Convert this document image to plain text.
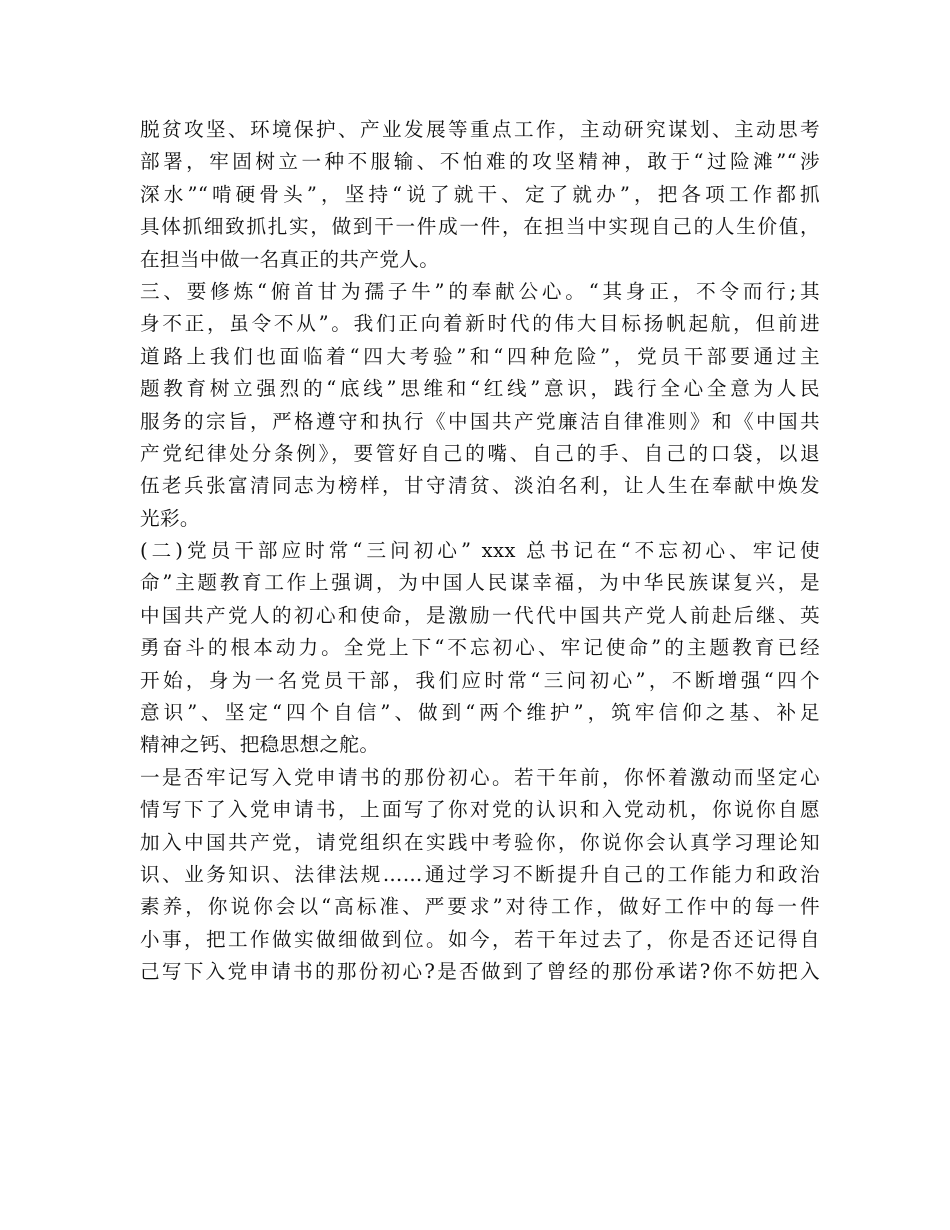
脱贫攻坚、环境保护、产业发展等重点工作，主动研究谋划、主动思考
部署，牢固树立一种不服输、不怕难的攻坚精神，敢于“过险滩”“涉
深水”“啃硬骨头”，坚持“说了就干、定了就办”，把各项工作都抓
具体抓细致抓扎实，做到干一件成一件，在担当中实现自己的人生价值，
在担当中做一名真正的共产党人。
三、要修炼“俯首甘为孺子牛”的奉献公心。“其身正，不令而行;其
身不正，虽令不从”。我们正向着新时代的伟大目标扬帆起航，但前进
道路上我们也面临着“四大考验”和“四种危险”，党员干部要通过主
题教育树立强烈的“底线”思维和“红线”意识，践行全心全意为人民
服务的宗旨，严格遵守和执行《中国共产党廉洁自律准则》和《中国共
产党纪律处分条例》，要管好自己的嘴、自己的手、自己的口袋，以退
伍老兵张富清同志为榜样，甘守清贫、淡泊名利，让人生在奉献中焕发
光彩。
(二)党员干部应时常“三问初心” xxx 总书记在“不忘初心、牢记使
命”主题教育工作上强调，为中国人民谋幸福，为中华民族谋复兴，是
中国共产党人的初心和使命，是激励一代代中国共产党人前赴后继、英
勇奋斗的根本动力。全党上下“不忘初心、牢记使命”的主题教育已经
开始，身为一名党员干部，我们应时常“三问初心”，不断增强“四个
意识”、坚定“四个自信”、做到“两个维护”，筑牢信仰之基、补足
精神之钙、把稳思想之舵。
一是否牢记写入党申请书的那份初心。若干年前，你怀着激动而坚定心
情写下了入党申请书，上面写了你对党的认识和入党动机，你说你自愿
加入中国共产党，请党组织在实践中考验你，你说你会认真学习理论知
识、业务知识、法律法规……通过学习不断提升自己的工作能力和政治
素养，你说你会以“高标准、严要求”对待工作，做好工作中的每一件
小事，把工作做实做细做到位。如今，若干年过去了，你是否还记得自
己写下入党申请书的那份初心?是否做到了曾经的那份承诺?你不妨把入
